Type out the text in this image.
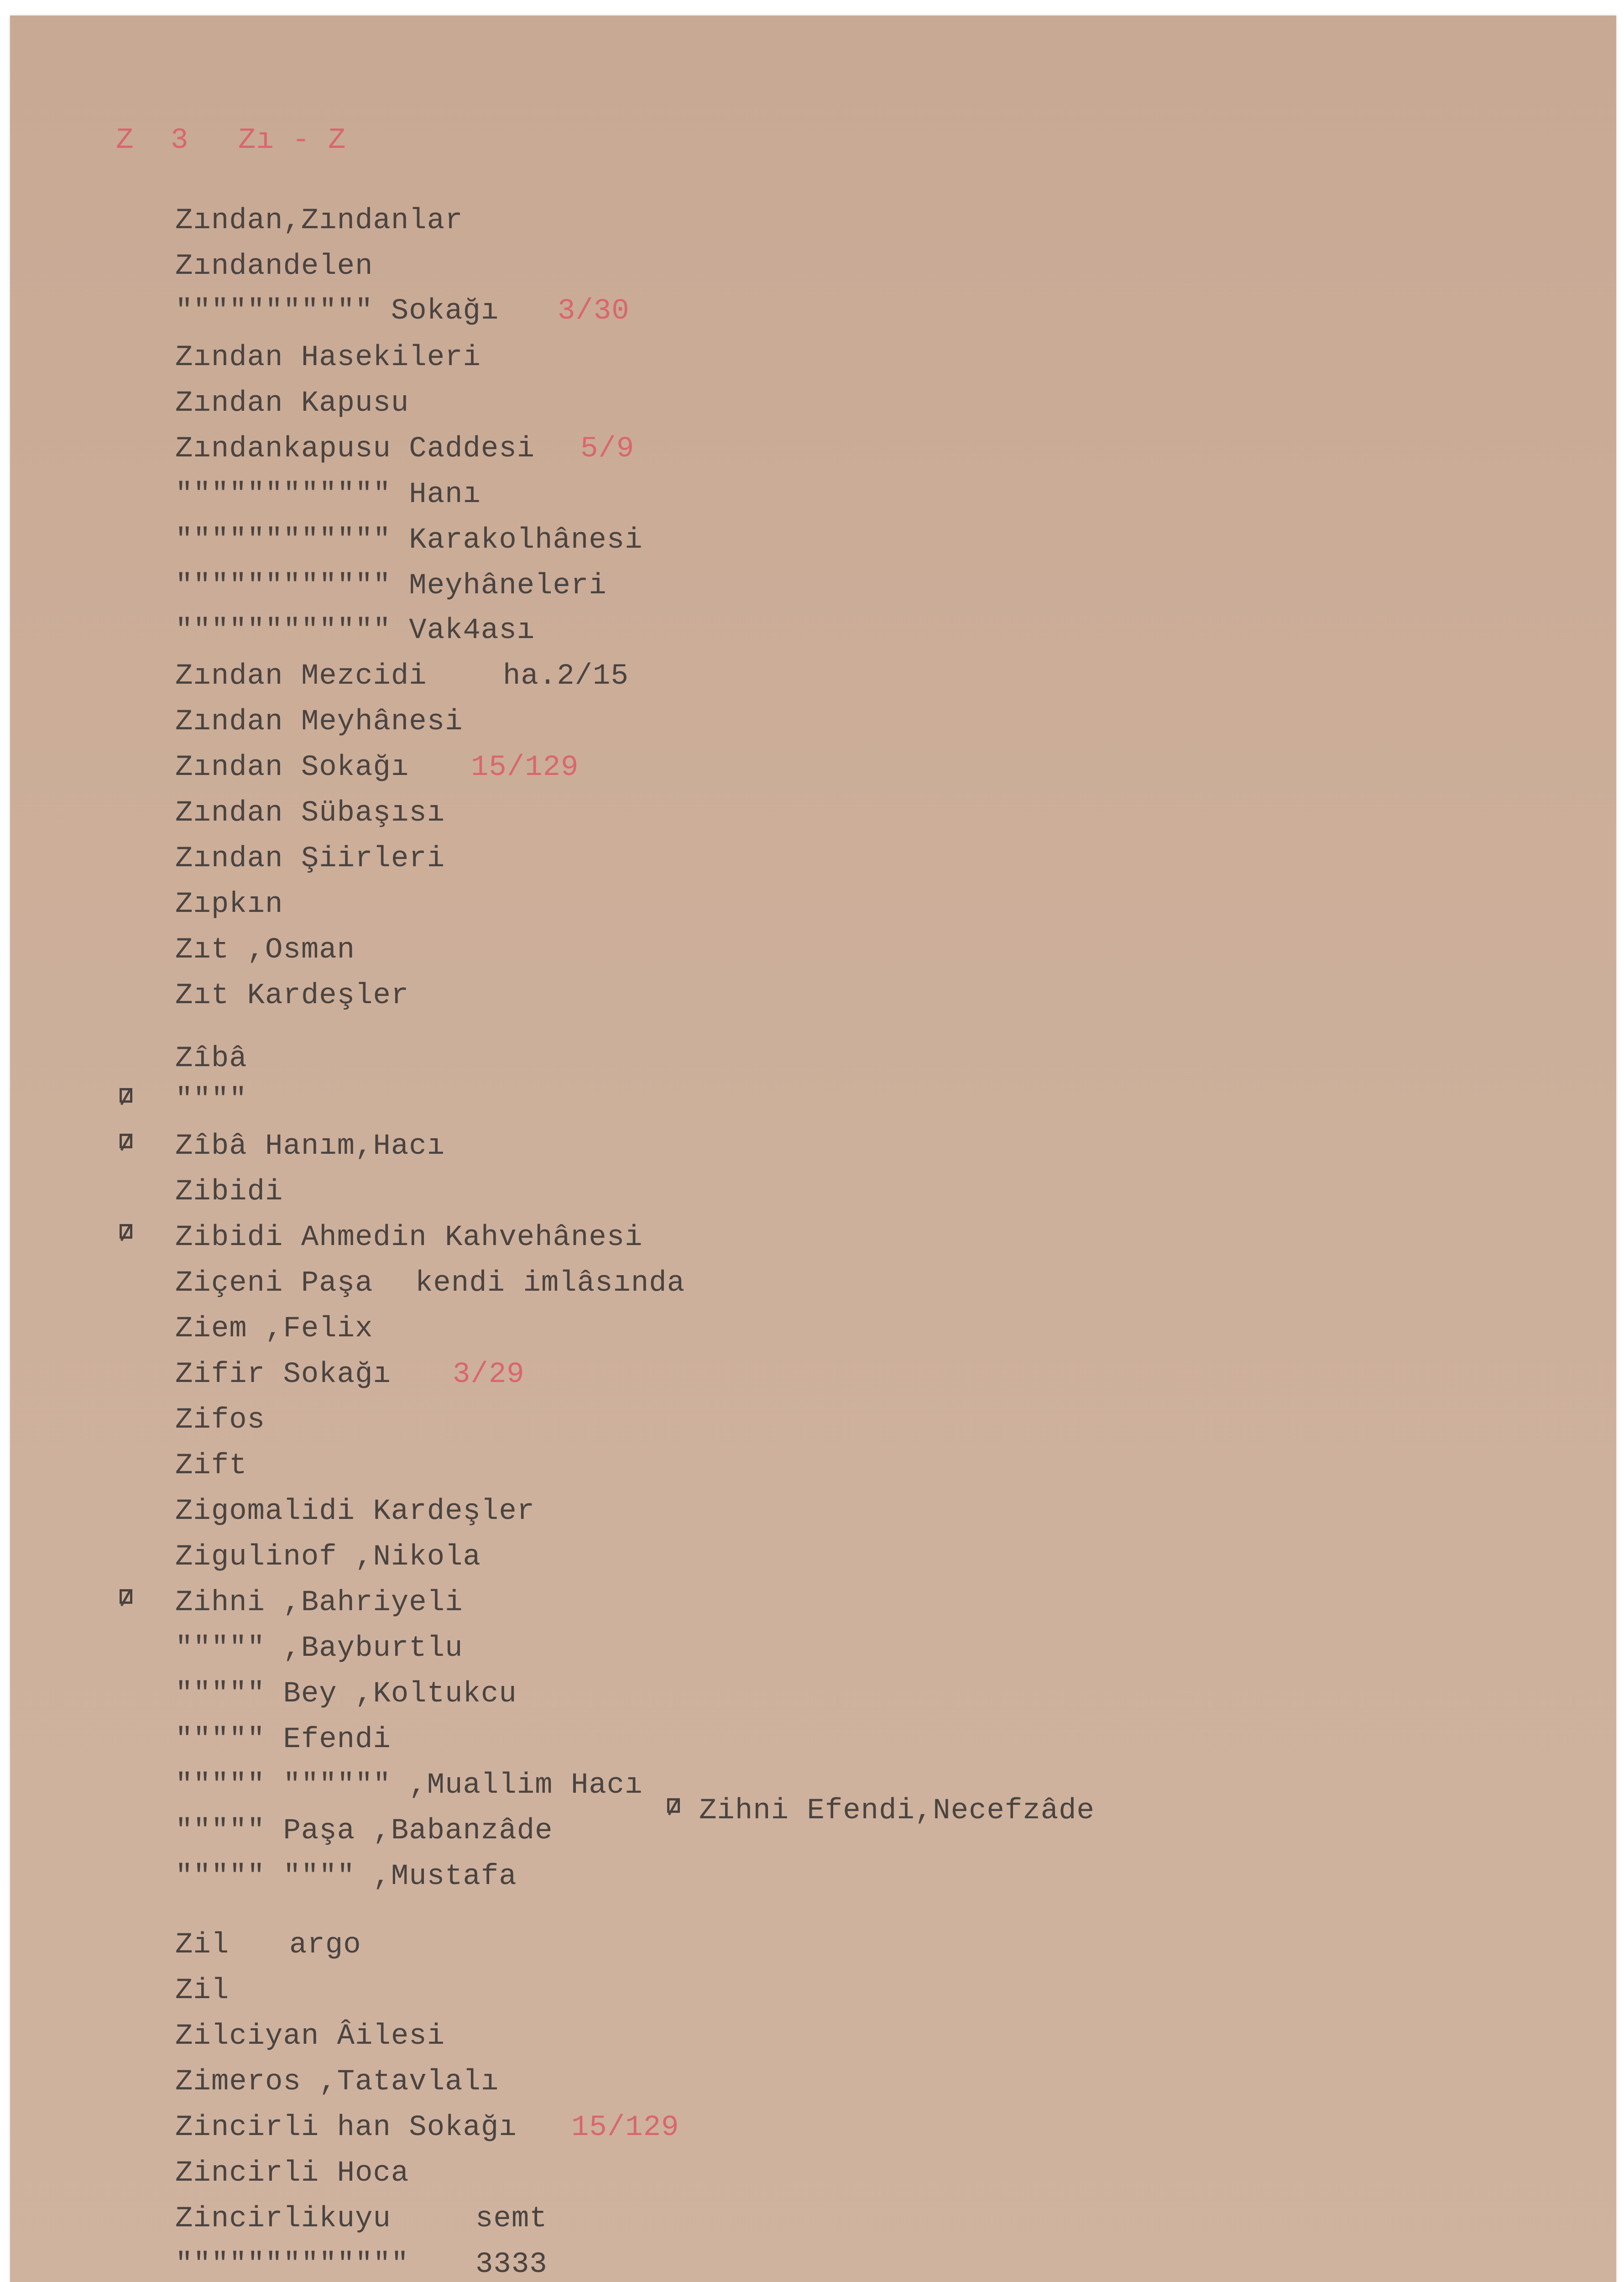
Z 3 Zı - Z
Zından,Zındanlar
Zındandelen
""""""""""" Sokağı 3/30
Zından Hasekileri
Zından Kapusu
Zındankapusu Caddesi 5/9
"""""""""""" Hanı
"""""""""""" Karakolhânesi
"""""""""""" Meyhâneleri
"""""""""""" Vak4ası
Zından Mezcidi	ha.2/15
Zından Meyhânesi
Zından Sokağı 15/129
Zından Sübaşısı
Zından Şiirleri
Zıpkın
Zıt ,Osman
Zıt Kardeşler
Zîbâ
""""
Zîbâ Hanım,Hacı
Zibidi
Zibidi Ahmedin Kahvehânesi
Ziçeni Paşa kendi imlâsında
Ziem ,Felix
Zifir Sokağı 3/29
Zifos
Zift
Zigomalidi Kardeşler
Zigulinof ,Nikola
Zihni ,Bahriyeli
""""" ,Bayburtlu
""""" Bey ,Koltukcu
""""" Efendi
""""" """""" ,Muallim Hacı
""""" Paşa ,Babanzâde
""""" """" ,Mustafa
Zihni Efendi,Necefzâde
Zil argo
Zil
Zilciyan Âilesi
Zimeros ,Tatavlalı
Zincirli han Sokağı 15/129
Zincirli Hoca
Zincirlikuyu	semt
""""""""""""" 3333
